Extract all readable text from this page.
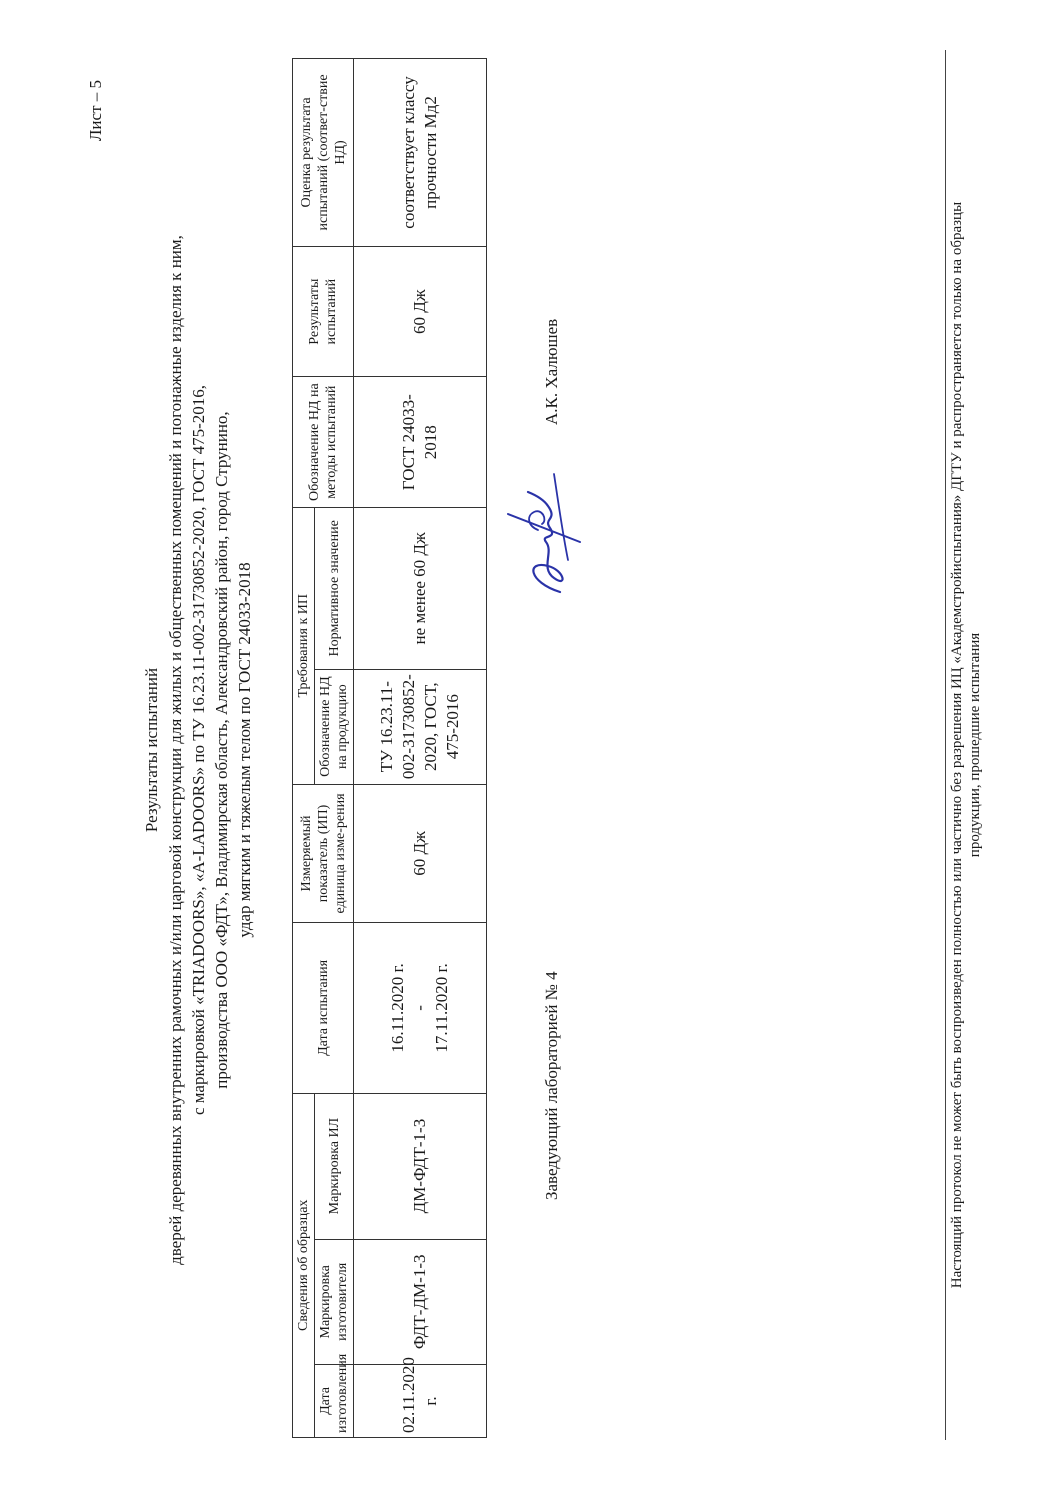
Лист – 5
Результаты испытаний дверей деревянных внутренних рамочных и/или царговой конструкции для жилых и общественных помещений и погонажные изделия к ним, с маркировкой «TRIADOORS», «A-LADOORS» по ТУ 16.23.11-002-31730852-2020, ГОСТ 475-2016, производства ООО «ФДТ», Владимирская область, Александровский район, город Струнино, удар мягким и тяжелым телом по ГОСТ 24033-2018
Сведения об образцах			Дата испытания	Измеряемый показатель (ИП) единица изме-рения	Требования к ИП		Обозначение НД на методы испытаний	Результаты испытаний	Оценка результата испытаний (соответ-ствие НД)
Дата изготовления	Маркировка изготовителя	Маркировка ИЛ			Обозначение НД на продукцию	Нормативное значение			
02.11.2020 г.	ФДТ-ДМ-1-3	ДМ-ФДТ-1-3	16.11.2020 г. - 17.11.2020 г.	60 Дж	ТУ 16.23.11-002-31730852-2020, ГОСТ, 475-2016	не менее 60 Дж	ГОСТ 24033-2018	60 Дж	соответствует классу прочности Мд2
Заведующий лабораторией № 4
А.К. Халюшев	Настоящий протокол не может быть воспроизведен полностью или частично без разрешения ИЦ «Академстройиспытания» ДГТУ и распространяется только на образцы продукции, прошедшие испытания
